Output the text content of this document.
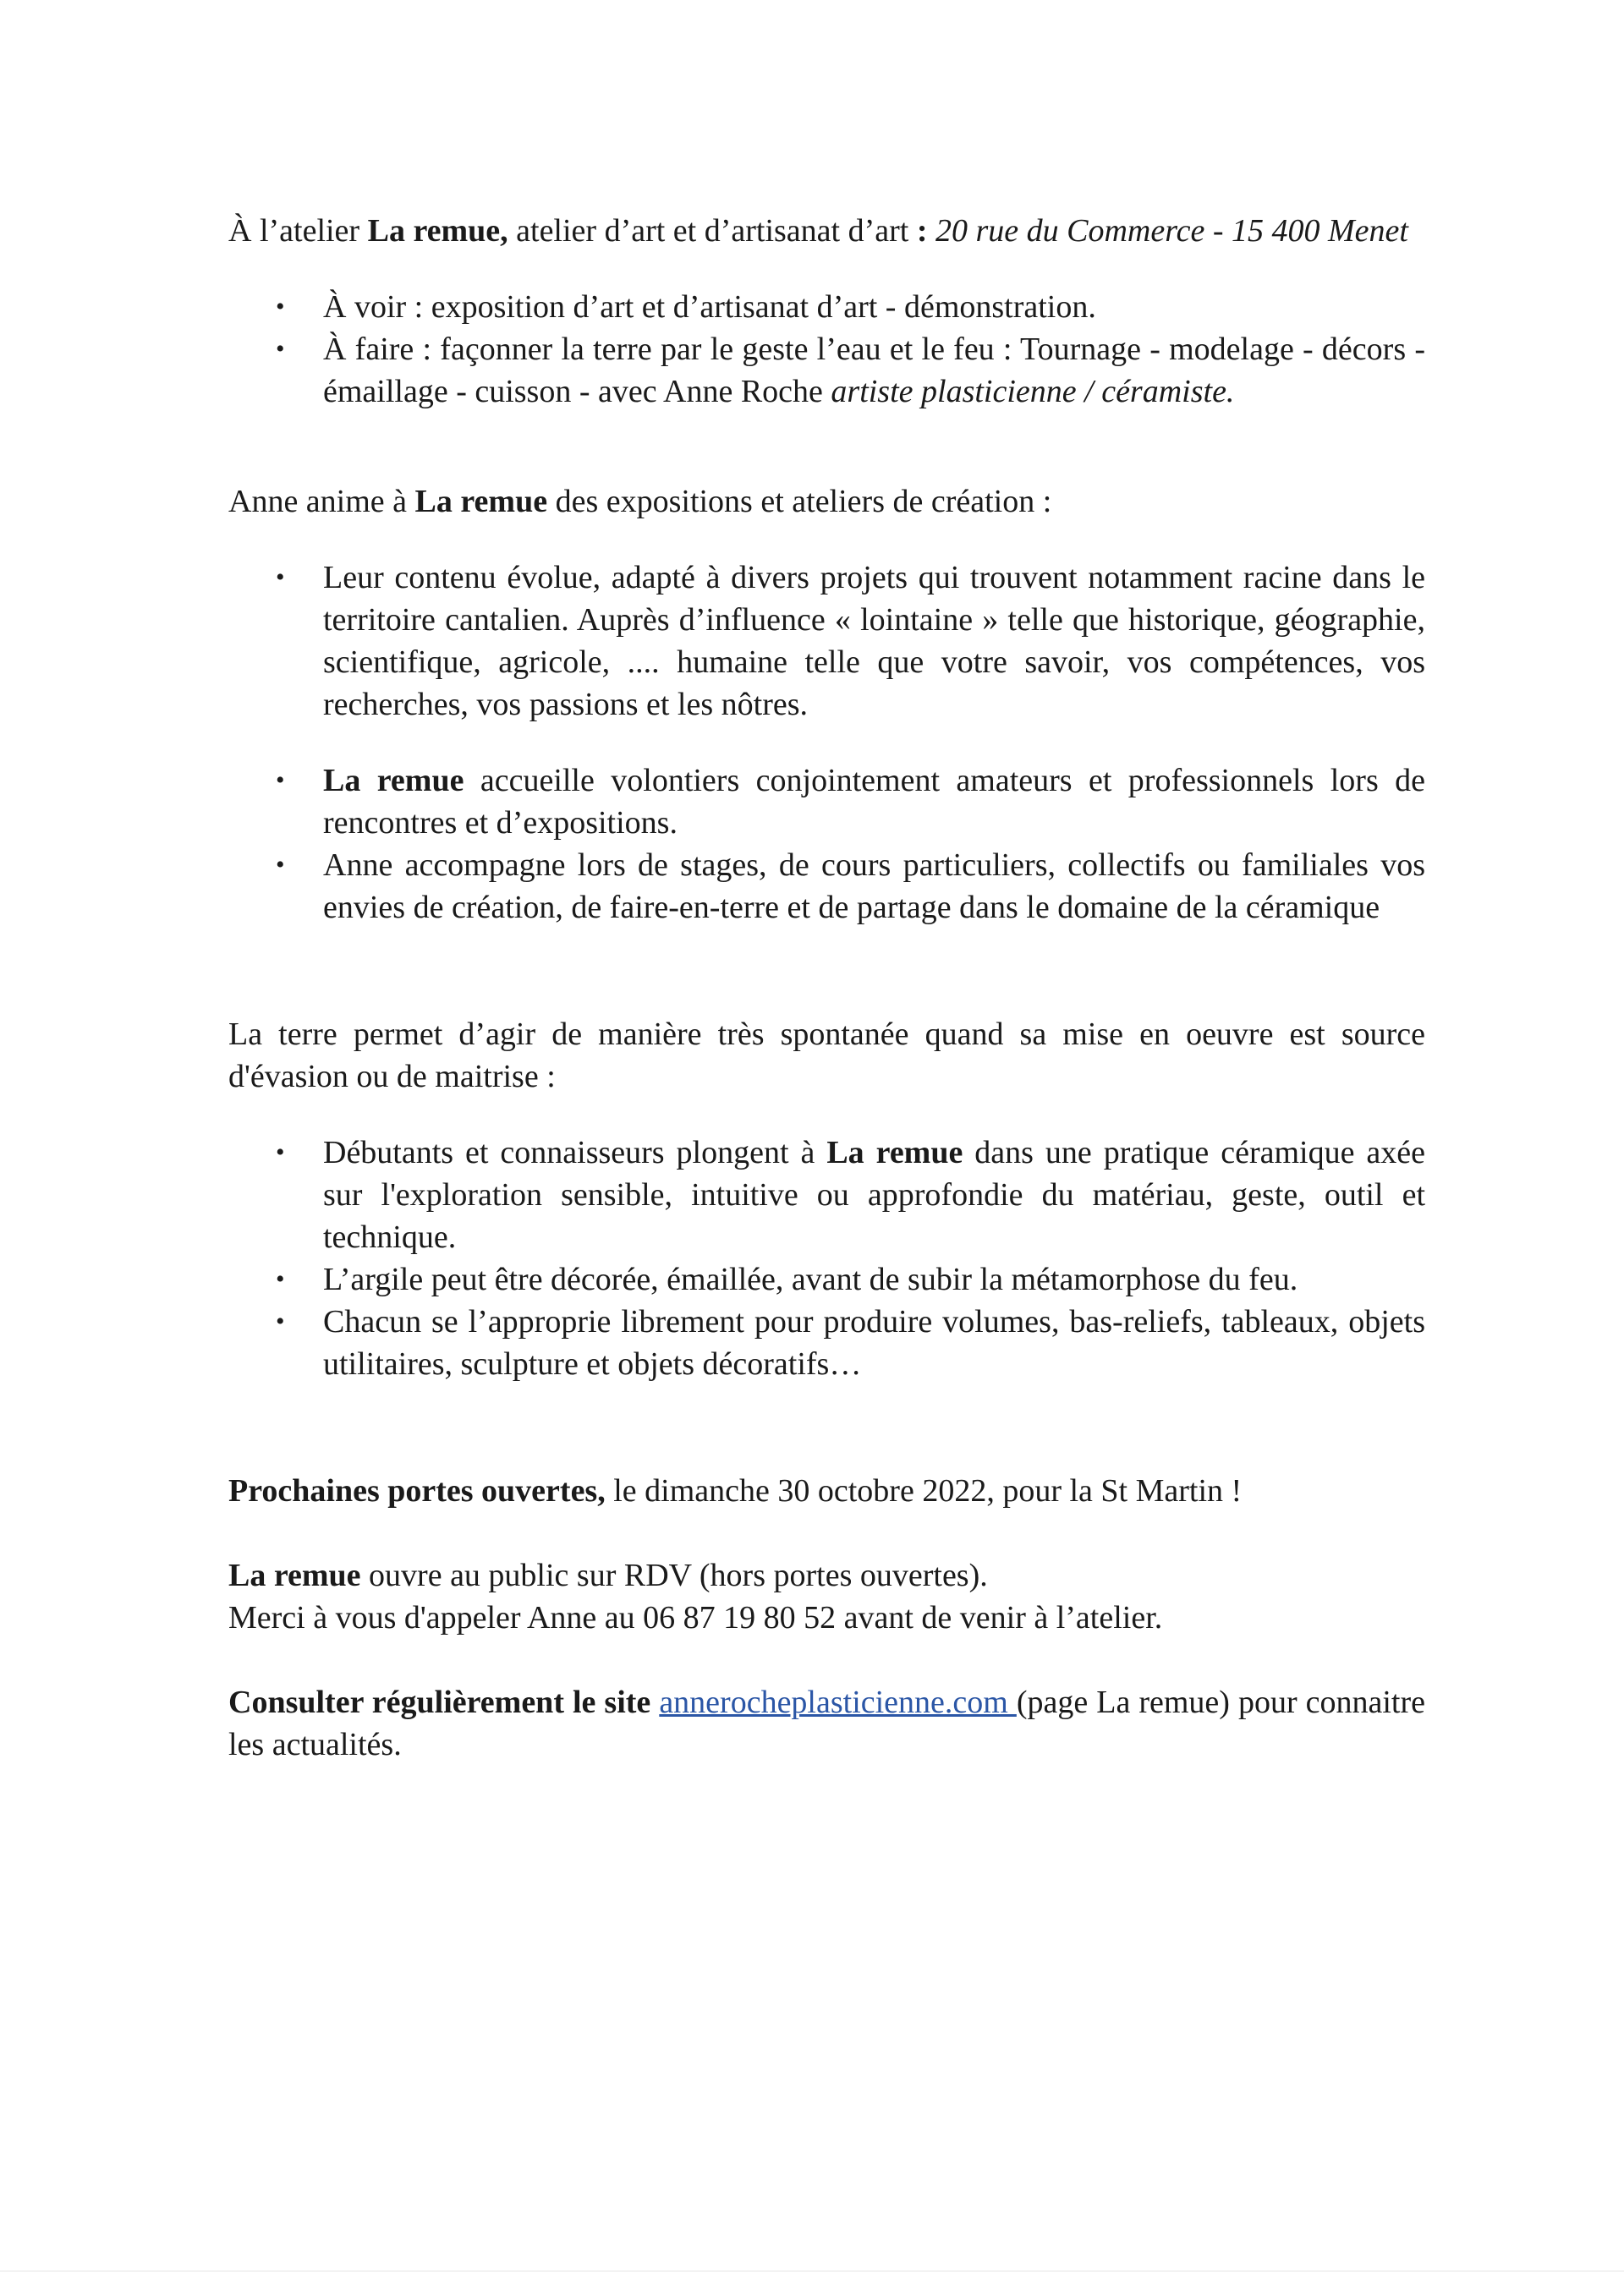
À l’atelier La remue, atelier d’art et d’artisanat d’art : 20 rue du Commerce - 15 400 Menet

• À voir : exposition d’art et d’artisanat d’art - démonstration.
• À faire : façonner la terre par le geste l’eau et le feu : Tournage - modelage - décors - émaillage - cuisson - avec Anne Roche artiste plasticienne / céramiste.

Anne anime à La remue des expositions et ateliers de création :

• Leur contenu évolue, adapté à divers projets qui trouvent notamment racine dans le territoire cantalien. Auprès d’influence « lointaine » telle que historique, géographie, scientifique, agricole, .... humaine telle que votre savoir, vos compétences, vos recherches, vos passions et les nôtres.
• La remue accueille volontiers conjointement amateurs et professionnels lors de rencontres et d’expositions.
• Anne accompagne lors de stages, de cours particuliers, collectifs ou familiales vos envies de création, de faire-en-terre et de partage dans le domaine de la céramique

La terre permet d’agir de manière très spontanée quand sa mise en oeuvre est source d'évasion ou de maitrise :

• Débutants et connaisseurs plongent à La remue dans une pratique céramique axée sur l'exploration sensible, intuitive ou approfondie du matériau, geste, outil et technique.
• L’argile peut être décorée, émaillée, avant de subir la métamorphose du feu.
• Chacun se l’approprie librement pour produire volumes, bas-reliefs, tableaux, objets utilitaires, sculpture et objets décoratifs…

Prochaines portes ouvertes, le dimanche 30 octobre 2022, pour la St Martin !

La remue ouvre au public sur RDV (hors portes ouvertes).

Merci à vous d'appeler Anne au 06 87 19 80 52 avant de venir à l’atelier.

Consulter régulièrement le site annerocheplasticienne.com (page La remue) pour connaitre les actualités.
